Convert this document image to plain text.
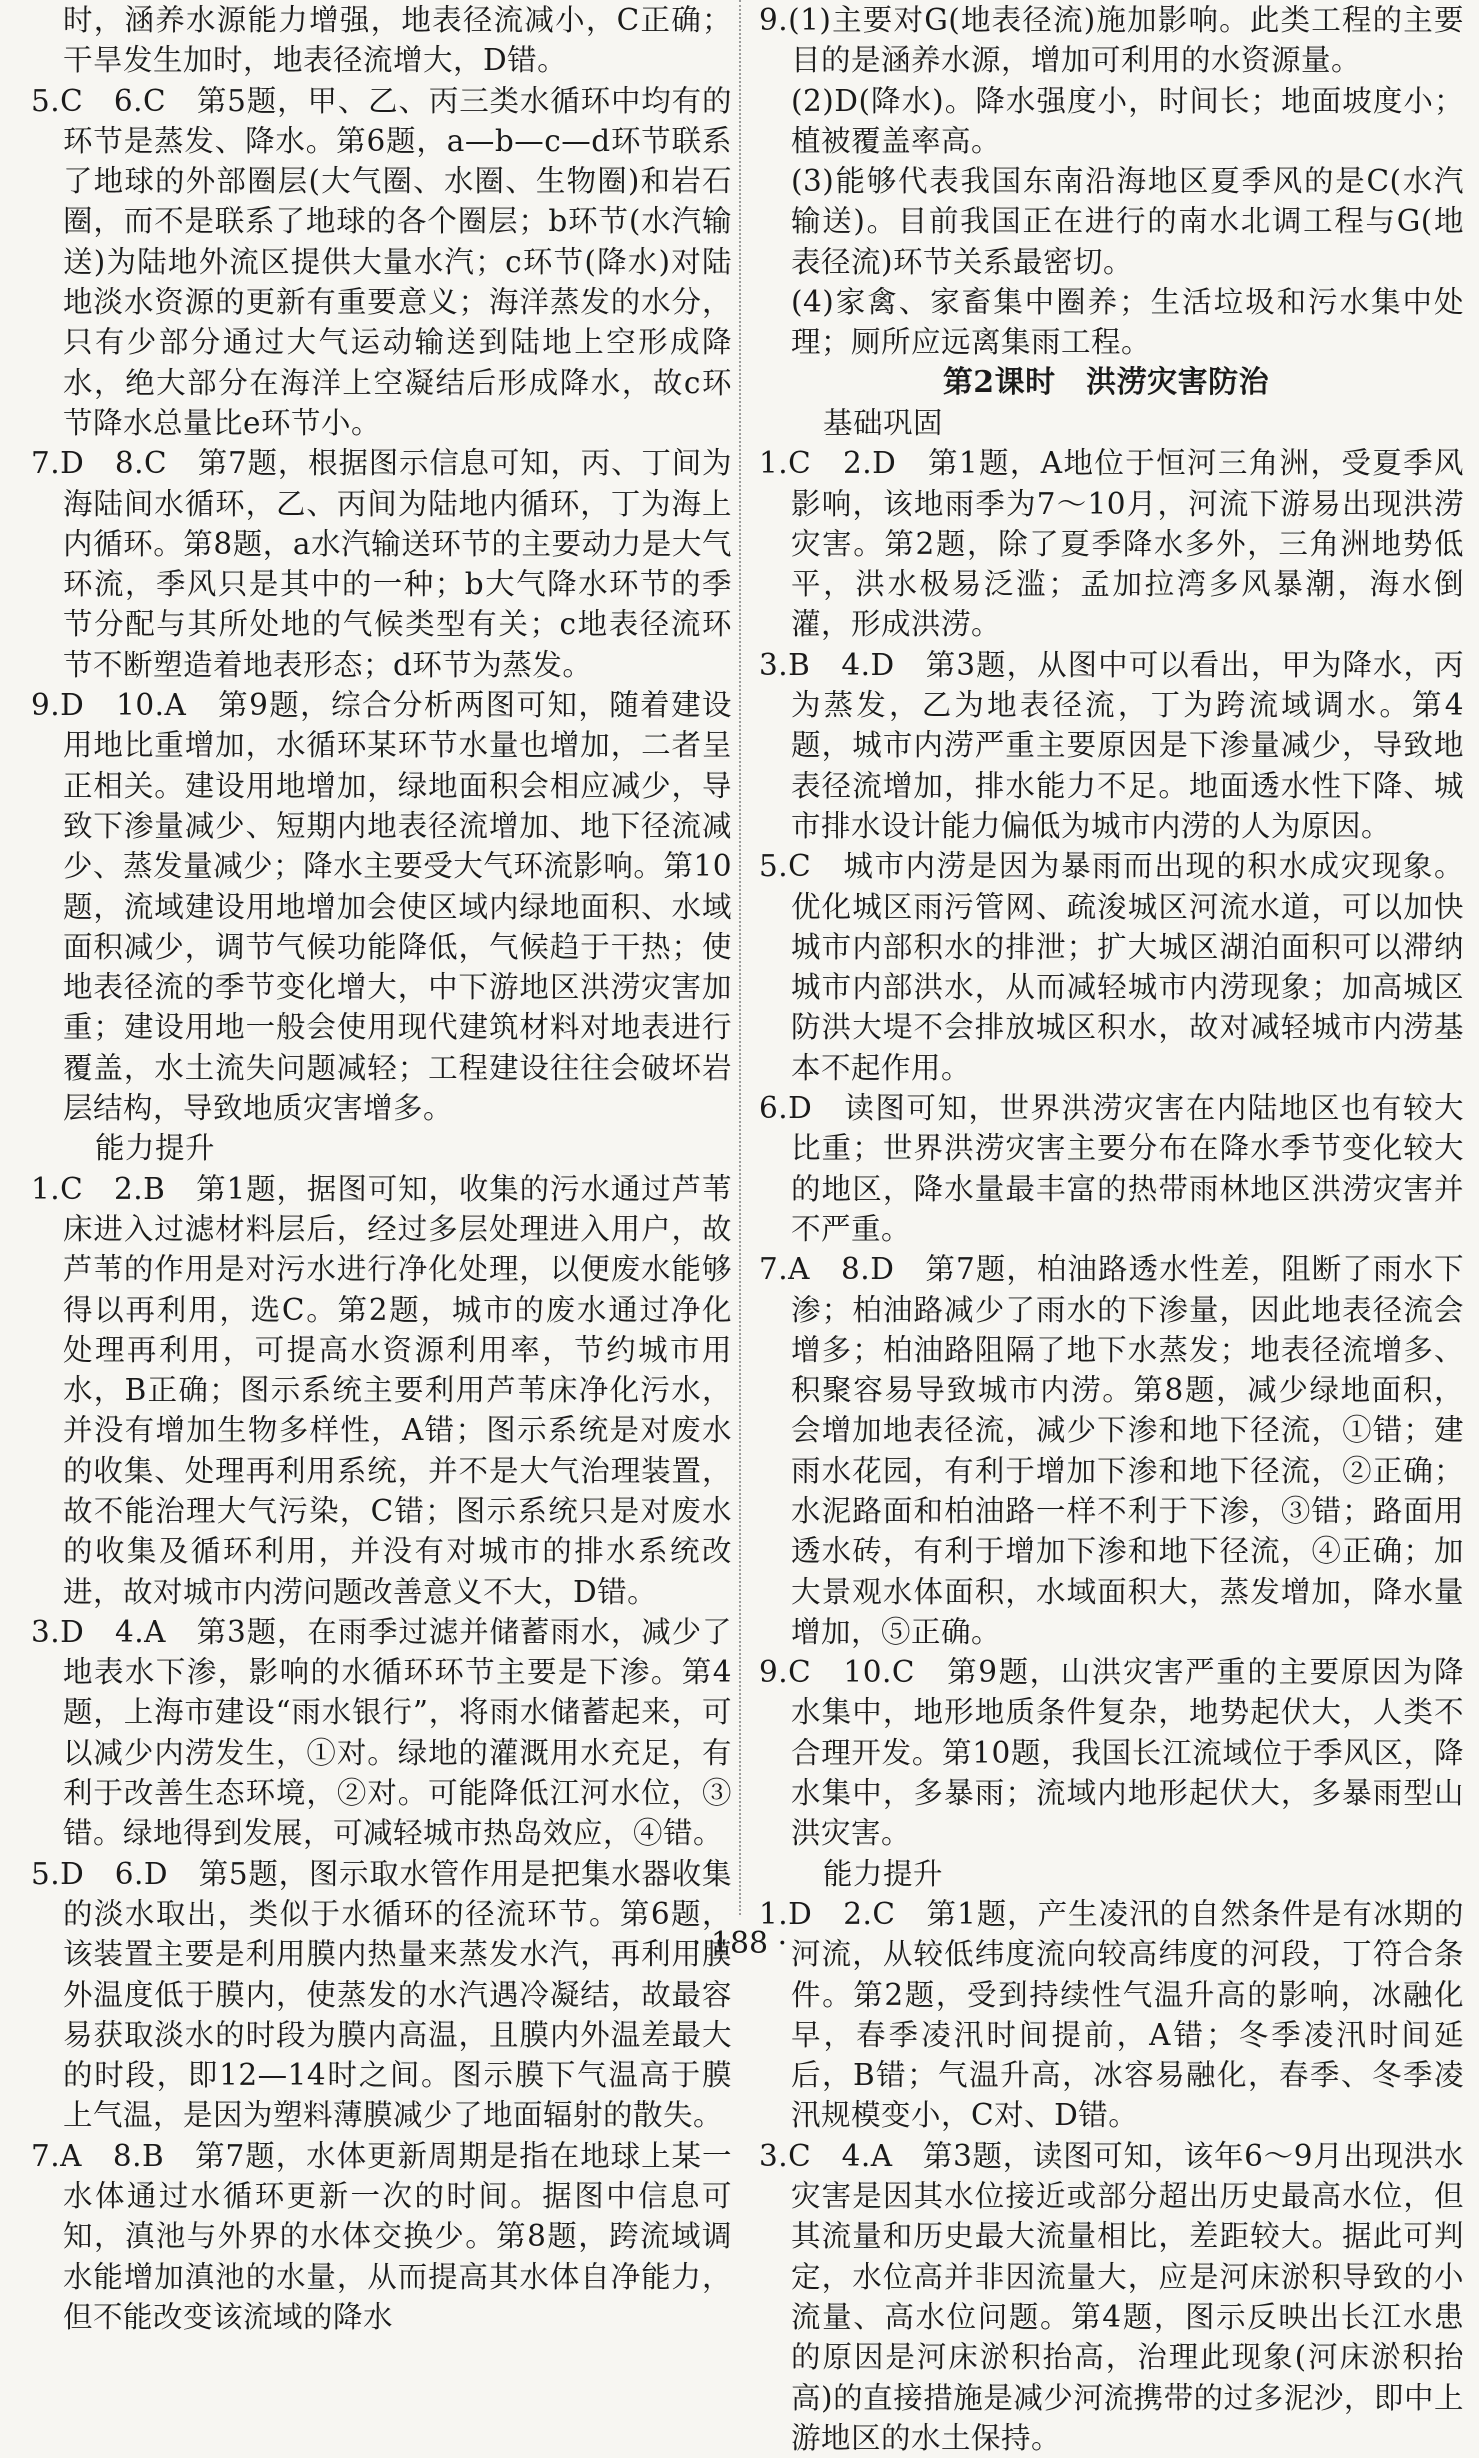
时，涵养水源能力增强，地表径流减小，C正确；干旱发生加时，地表径流增大，D错。

5.C　6.C　第5题，甲、乙、丙三类水循环中均有的环节是蒸发、降水。第6题，a—b—c—d环节联系了地球的外部圈层(大气圈、水圈、生物圈)和岩石圈，而不是联系了地球的各个圈层；b环节(水汽输送)为陆地外流区提供大量水汽；c环节(降水)对陆地淡水资源的更新有重要意义；海洋蒸发的水分，只有少部分通过大气运动输送到陆地上空形成降水，绝大部分在海洋上空凝结后形成降水，故c环节降水总量比e环节小。

7.D　8.C　第7题，根据图示信息可知，丙、丁间为海陆间水循环，乙、丙间为陆地内循环，丁为海上内循环。第8题，a水汽输送环节的主要动力是大气环流，季风只是其中的一种；b大气降水环节的季节分配与其所处地的气候类型有关；c地表径流环节不断塑造着地表形态；d环节为蒸发。

9.D　10.A　第9题，综合分析两图可知，随着建设用地比重增加，水循环某环节水量也增加，二者呈正相关。建设用地增加，绿地面积会相应减少，导致下渗量减少、短期内地表径流增加、地下径流减少、蒸发量减少；降水主要受大气环流影响。第10题，流域建设用地增加会使区域内绿地面积、水域面积减少，调节气候功能降低，气候趋于干热；使地表径流的季节变化增大，中下游地区洪涝灾害加重；建设用地一般会使用现代建筑材料对地表进行覆盖，水土流失问题减轻；工程建设往往会破坏岩层结构，导致地质灾害增多。

能力提升

1.C　2.B　第1题，据图可知，收集的污水通过芦苇床进入过滤材料层后，经过多层处理进入用户，故芦苇的作用是对污水进行净化处理，以便废水能够得以再利用，选C。第2题，城市的废水通过净化处理再利用，可提高水资源利用率，节约城市用水，B正确；图示系统主要利用芦苇床净化污水，并没有增加生物多样性，A错；图示系统是对废水的收集、处理再利用系统，并不是大气治理装置，故不能治理大气污染，C错；图示系统只是对废水的收集及循环利用，并没有对城市的排水系统改进，故对城市内涝问题改善意义不大，D错。

3.D　4.A　第3题，在雨季过滤并储蓄雨水，减少了地表水下渗，影响的水循环环节主要是下渗。第4题，上海市建设“雨水银行”，将雨水储蓄起来，可以减少内涝发生，①对。绿地的灌溉用水充足，有利于改善生态环境，②对。可能降低江河水位，③错。绿地得到发展，可减轻城市热岛效应，④错。

5.D　6.D　第5题，图示取水管作用是把集水器收集的淡水取出，类似于水循环的径流环节。第6题，该装置主要是利用膜内热量来蒸发水汽，再利用膜外温度低于膜内，使蒸发的水汽遇冷凝结，故最容易获取淡水的时段为膜内高温，且膜内外温差最大的时段，即12—14时之间。图示膜下气温高于膜上气温，是因为塑料薄膜减少了地面辐射的散失。

7.A　8.B　第7题，水体更新周期是指在地球上某一水体通过水循环更新一次的时间。据图中信息可知，滇池与外界的水体交换少。第8题，跨流域调水能增加滇池的水量，从而提高其水体自净能力，但不能改变该流域的降水

9.(1)主要对G(地表径流)施加影响。此类工程的主要目的是涵养水源，增加可利用的水资源量。

(2)D(降水)。降水强度小，时间长；地面坡度小；植被覆盖率高。

(3)能够代表我国东南沿海地区夏季风的是C(水汽输送)。目前我国正在进行的南水北调工程与G(地表径流)环节关系最密切。

(4)家禽、家畜集中圈养；生活垃圾和污水集中处理；厕所应远离集雨工程。

第2课时　洪涝灾害防治

基础巩固

1.C　2.D　第1题，A地位于恒河三角洲，受夏季风影响，该地雨季为7～10月，河流下游易出现洪涝灾害。第2题，除了夏季降水多外，三角洲地势低平，洪水极易泛滥；孟加拉湾多风暴潮，海水倒灌，形成洪涝。

3.B　4.D　第3题，从图中可以看出，甲为降水，丙为蒸发，乙为地表径流，丁为跨流域调水。第4题，城市内涝严重主要原因是下渗量减少，导致地表径流增加，排水能力不足。地面透水性下降、城市排水设计能力偏低为城市内涝的人为原因。

5.C　城市内涝是因为暴雨而出现的积水成灾现象。优化城区雨污管网、疏浚城区河流水道，可以加快城市内部积水的排泄；扩大城区湖泊面积可以滞纳城市内部洪水，从而减轻城市内涝现象；加高城区防洪大堤不会排放城区积水，故对减轻城市内涝基本不起作用。

6.D　读图可知，世界洪涝灾害在内陆地区也有较大比重；世界洪涝灾害主要分布在降水季节变化较大的地区，降水量最丰富的热带雨林地区洪涝灾害并不严重。

7.A　8.D　第7题，柏油路透水性差，阻断了雨水下渗；柏油路减少了雨水的下渗量，因此地表径流会增多；柏油路阻隔了地下水蒸发；地表径流增多、积聚容易导致城市内涝。第8题，减少绿地面积，会增加地表径流，减少下渗和地下径流，①错；建雨水花园，有利于增加下渗和地下径流，②正确；水泥路面和柏油路一样不利于下渗，③错；路面用透水砖，有利于增加下渗和地下径流，④正确；加大景观水体面积，水域面积大，蒸发增加，降水量增加，⑤正确。

9.C　10.C　第9题，山洪灾害严重的主要原因为降水集中，地形地质条件复杂，地势起伏大，人类不合理开发。第10题，我国长江流域位于季风区，降水集中，多暴雨；流域内地形起伏大，多暴雨型山洪灾害。

能力提升

1.D　2.C　第1题，产生凌汛的自然条件是有冰期的河流，从较低纬度流向较高纬度的河段，丁符合条件。第2题，受到持续性气温升高的影响，冰融化早，春季凌汛时间提前，A错；冬季凌汛时间延后，B错；气温升高，冰容易融化，春季、冬季凌汛规模变小，C对、D错。

3.C　4.A　第3题，读图可知，该年6～9月出现洪水灾害是因其水位接近或部分超出历史最高水位，但其流量和历史最大流量相比，差距较大。据此可判定，水位高并非因流量大，应是河床淤积导致的小流量、高水位问题。第4题，图示反映出长江水患的原因是河床淤积抬高，治理此现象(河床淤积抬高)的直接措施是减少河流携带的过多泥沙，即中上游地区的水土保持。

· 188 ·
